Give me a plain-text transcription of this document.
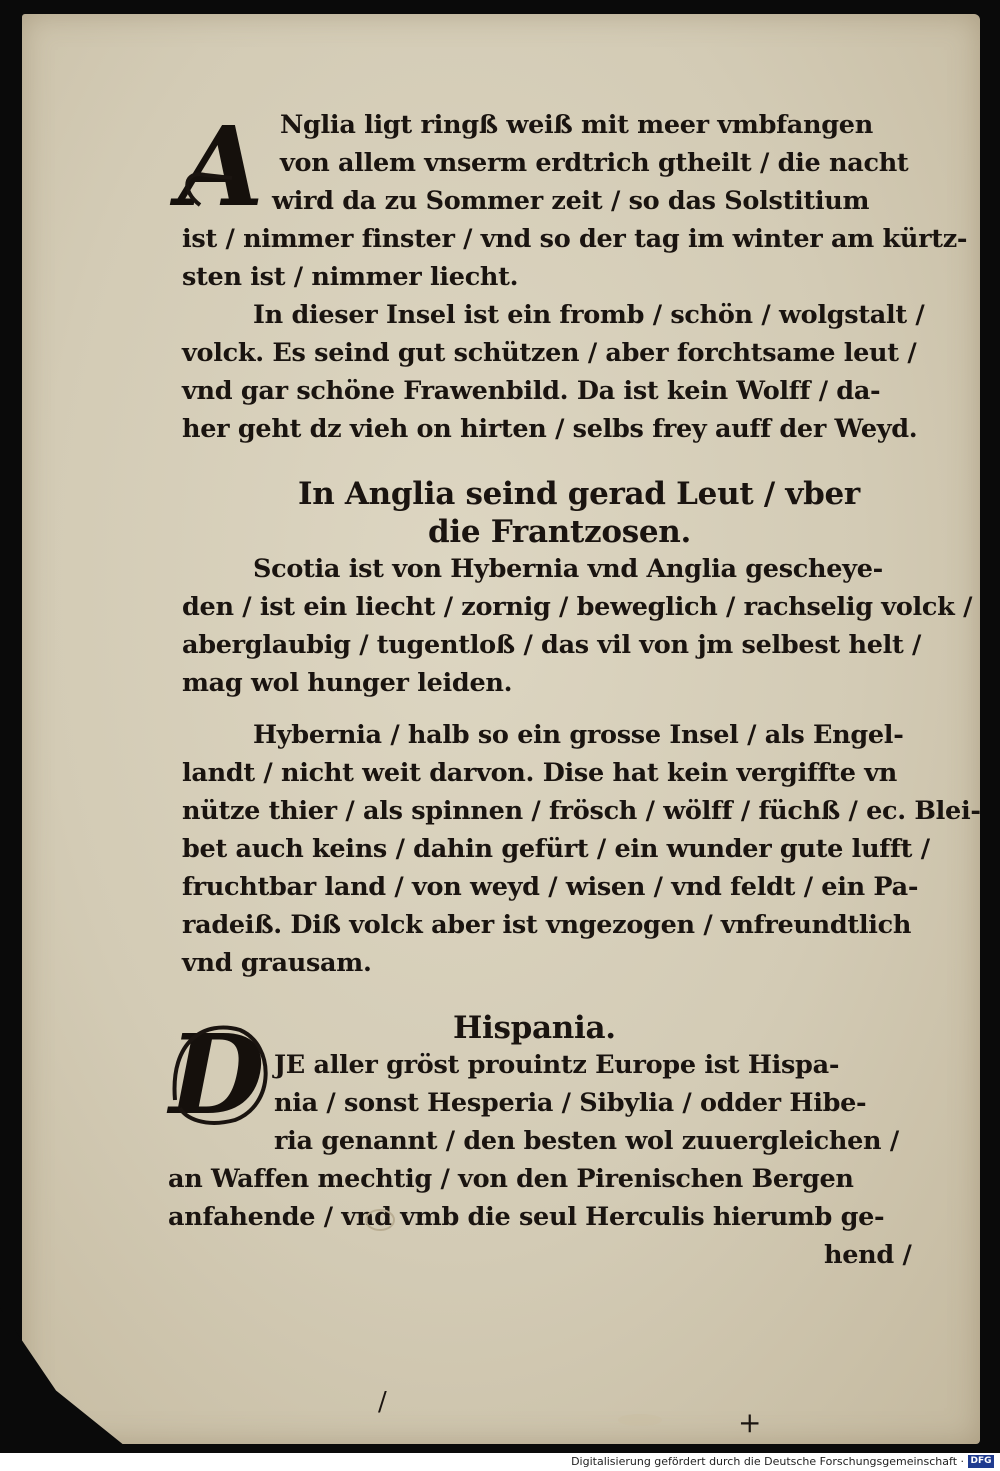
A
D
Nglia ligt ringß weiß mit meer vmbfangen
von allem vnserm erdtrich gtheilt / die nacht
wird da zu Sommer zeit / so das Solstitium
ist / nimmer finster / vnd so der tag im winter am kürtz-
sten ist / nimmer liecht.
In dieser Insel ist ein fromb / schön / wolgstalt /
volck. Es seind gut schützen / aber forchtsame leut /
vnd gar schöne Frawenbild. Da ist kein Wolff / da-
her geht dz vieh on hirten / selbs frey auff der Weyd.
In Anglia seind gerad Leut / vber
die Frantzosen.
Scotia ist von Hybernia vnd Anglia gescheye-
den / ist ein liecht / zornig / beweglich / rachselig volck /
aberglaubig / tugentloß / das vil von jm selbest helt /
mag wol hunger leiden.
Hybernia / halb so ein grosse Insel / als Engel-
landt / nicht weit darvon. Dise hat kein vergiffte vn
nütze thier / als spinnen / frösch / wölff / füchß / ec. Blei-
bet auch keins / dahin gefürt / ein wunder gute lufft /
fruchtbar land / von weyd / wisen / vnd feldt / ein Pa-
radeiß. Diß volck aber ist vngezogen / vnfreundtlich
vnd grausam.
Hispania.
JE aller gröst prouintz Europe ist Hispa-
nia / sonst Hesperia / Sibylia / odder Hibe-
ria genannt / den besten wol zuuergleichen /
an Waffen mechtig / von den Pirenischen Bergen
anfahende / vnd vmb die seul Herculis hierumb ge-
hend /
/
+
Digitalisierung gefördert durch die Deutsche Forschungsgemeinschaft · DFG
